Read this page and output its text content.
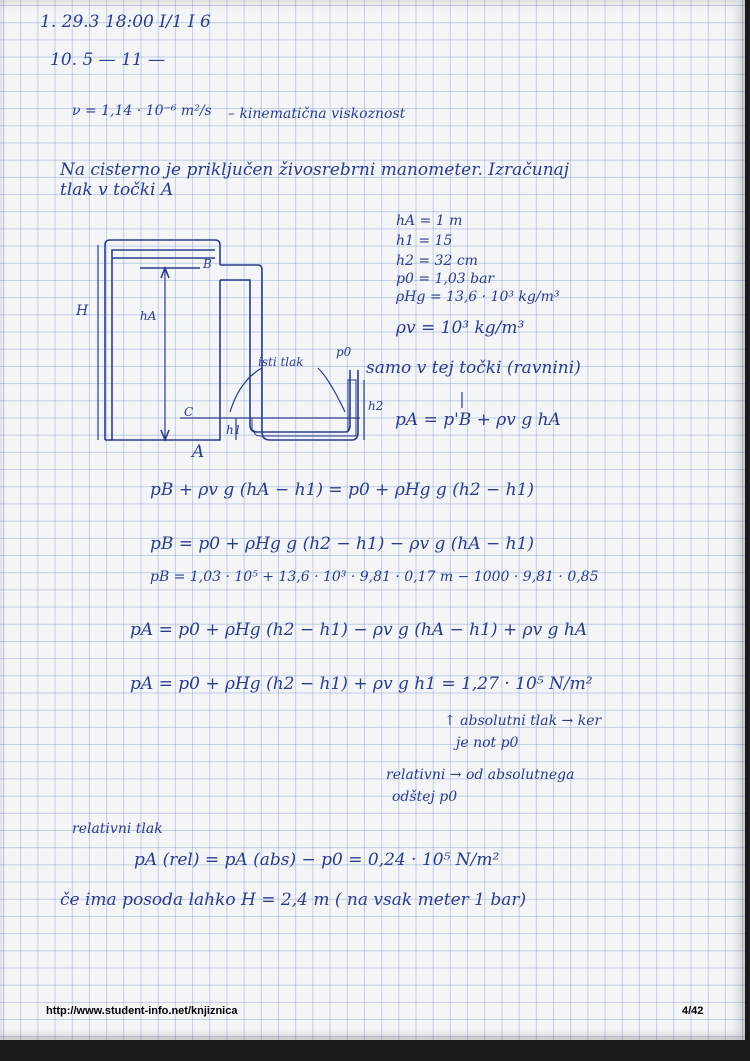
1. 29.3 18:00 I/1 I 6
10. 5 — 11 —
ν = 1,14 · 10⁻⁶ m²/s – kinematična viskoznost
Na cisterno je priključen živosrebrni manometer. Izračunaj
tlak v točki A
hA = 1 m
h1 = 15
h2 = 32 cm
p0 = 1,03 bar
ρHg = 13,6 · 10³ kg/m³
ρv = 10³ kg/m³
H	hA
B
A
C
h1
h2
p0
isti tlak	samo v tej točki (ravnini)
pA = p'B + ρv g hA
pB + ρv g (hA − h1) = p0 + ρHg g (h2 − h1)
pB = p0 + ρHg g (h2 − h1) − ρv g (hA − h1)
pB = 1,03 · 10⁵ + 13,6 · 10³ · 9,81 · 0,17 m − 1000 · 9,81 · 0,85
pA = p0 + ρHg (h2 − h1) − ρv g (hA − h1) + ρv g hA
pA = p0 + ρHg (h2 − h1) + ρv g h1 = 1,27 · 10⁵ N/m²
↑ absolutni tlak → ker
je not p0
relativni → od absolutnega
odštej p0
relativni tlak
pA (rel) = pA (abs) − p0 = 0,24 · 10⁵ N/m²
če ima posoda lahko H = 2,4 m ( na vsak meter 1 bar)
http://www.student-info.net/knjiznica	4/42
